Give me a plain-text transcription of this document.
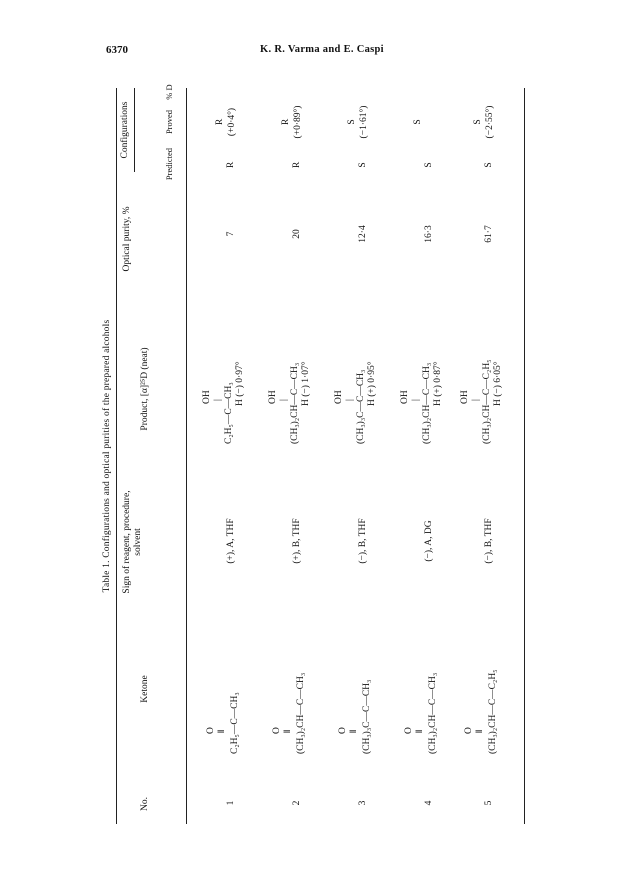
6370	K. R. Varma and E. Caspi
Table 1. Configurations and optical purities of the prepared alcohols
No.
Ketone
Sign of reagent, procedure, solvent
Product, [α]²⁵D (neat)
Optical purity, %
Configurations
Predicted
Proved
% D
1
O ‖ C₂H₅—C—CH₃
(+), A, THF
OH | C₂H₅—C—CH₃ H (−) 0·97°
7
R
R (+0·4°)
2
O ‖ (CH₃)₂CH—C—CH₃
(+), B, THF
OH | (CH₃)₂CH—C—CH₃ H (−) 1·07°
20
R
R (+0·89°)
3
O ‖ (CH₃)₃C—C—CH₃
(−), B, THF
OH | (CH₃)₃C—C—CH₃ H (+) 0·95°
12·4
S
S (−1·61°)
4
O ‖ (CH₃)₂CH—C—CH₃
(−), A, DG
OH | (CH₃)₂CH—C—CH₃ H (+) 0·87°
16·3
S
S

5
O ‖ (CH₃)₂CH—C—C₂H₅
(−), B, THF
OH | (CH₃)₂CH—C—C₂H₅ H (−) 6·05°
61·7
S
S (−2·55°)
